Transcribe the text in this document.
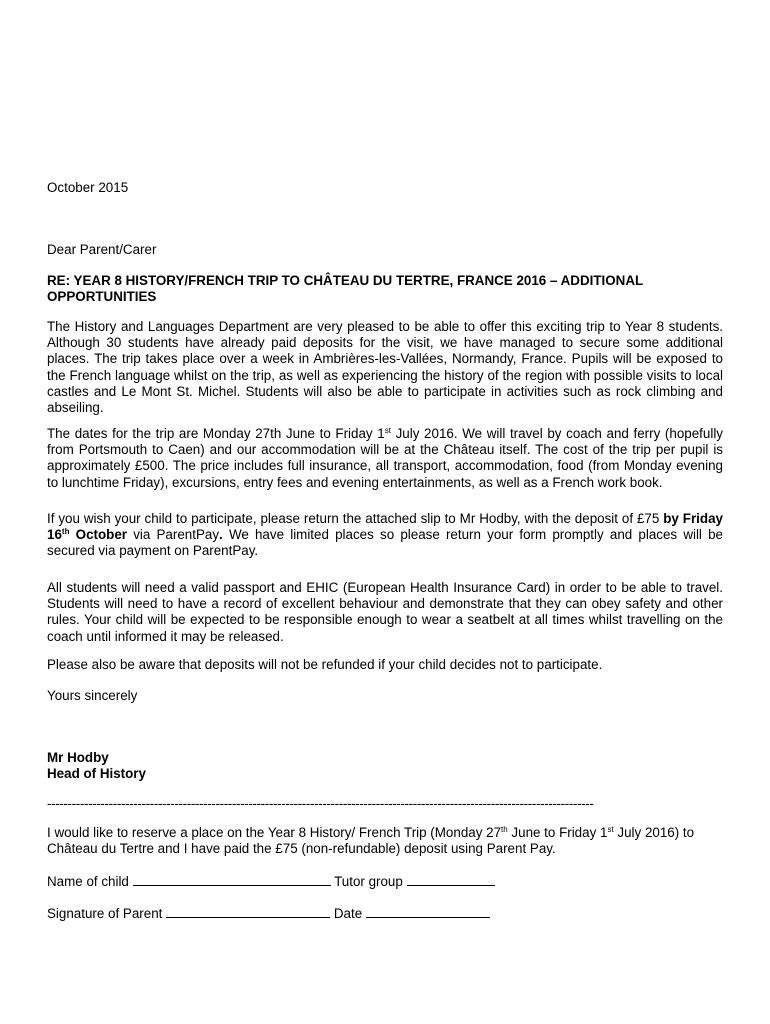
October 2015
Dear Parent/Carer
RE: YEAR 8 HISTORY/FRENCH TRIP TO CHÂTEAU DU TERTRE, FRANCE 2016 – ADDITIONAL OPPORTUNITIES
The History and Languages Department are very pleased to be able to offer this exciting trip to Year 8 students. Although 30 students have already paid deposits for the visit, we have managed to secure some additional places. The trip takes place over a week in Ambrières-les-Vallées, Normandy, France. Pupils will be exposed to the French language whilst on the trip, as well as experiencing the history of the region with possible visits to local castles and Le Mont St. Michel. Students will also be able to participate in activities such as rock climbing and abseiling.
The dates for the trip are Monday 27th June to Friday 1st July 2016. We will travel by coach and ferry (hopefully from Portsmouth to Caen) and our accommodation will be at the Château itself. The cost of the trip per pupil is approximately £500. The price includes full insurance, all transport, accommodation, food (from Monday evening to lunchtime Friday), excursions, entry fees and evening entertainments, as well as a French work book.
If you wish your child to participate, please return the attached slip to Mr Hodby, with the deposit of £75 by Friday 16th October via ParentPay. We have limited places so please return your form promptly and places will be secured via payment on ParentPay.
All students will need a valid passport and EHIC (European Health Insurance Card) in order to be able to travel. Students will need to have a record of excellent behaviour and demonstrate that they can obey safety and other rules. Your child will be expected to be responsible enough to wear a seatbelt at all times whilst travelling on the coach until informed it may be released.
Please also be aware that deposits will not be refunded if your child decides not to participate.
Yours sincerely
Mr Hodby
Head of History
-------------------------------------------------------------------------------------------------------------------------------------
I would like to reserve a place on the Year 8 History/ French Trip (Monday 27th June to Friday 1st July 2016) to Château du Tertre and I have paid the £75 (non-refundable) deposit using Parent Pay.
Name of child	Tutor group
Signature of Parent	Date
